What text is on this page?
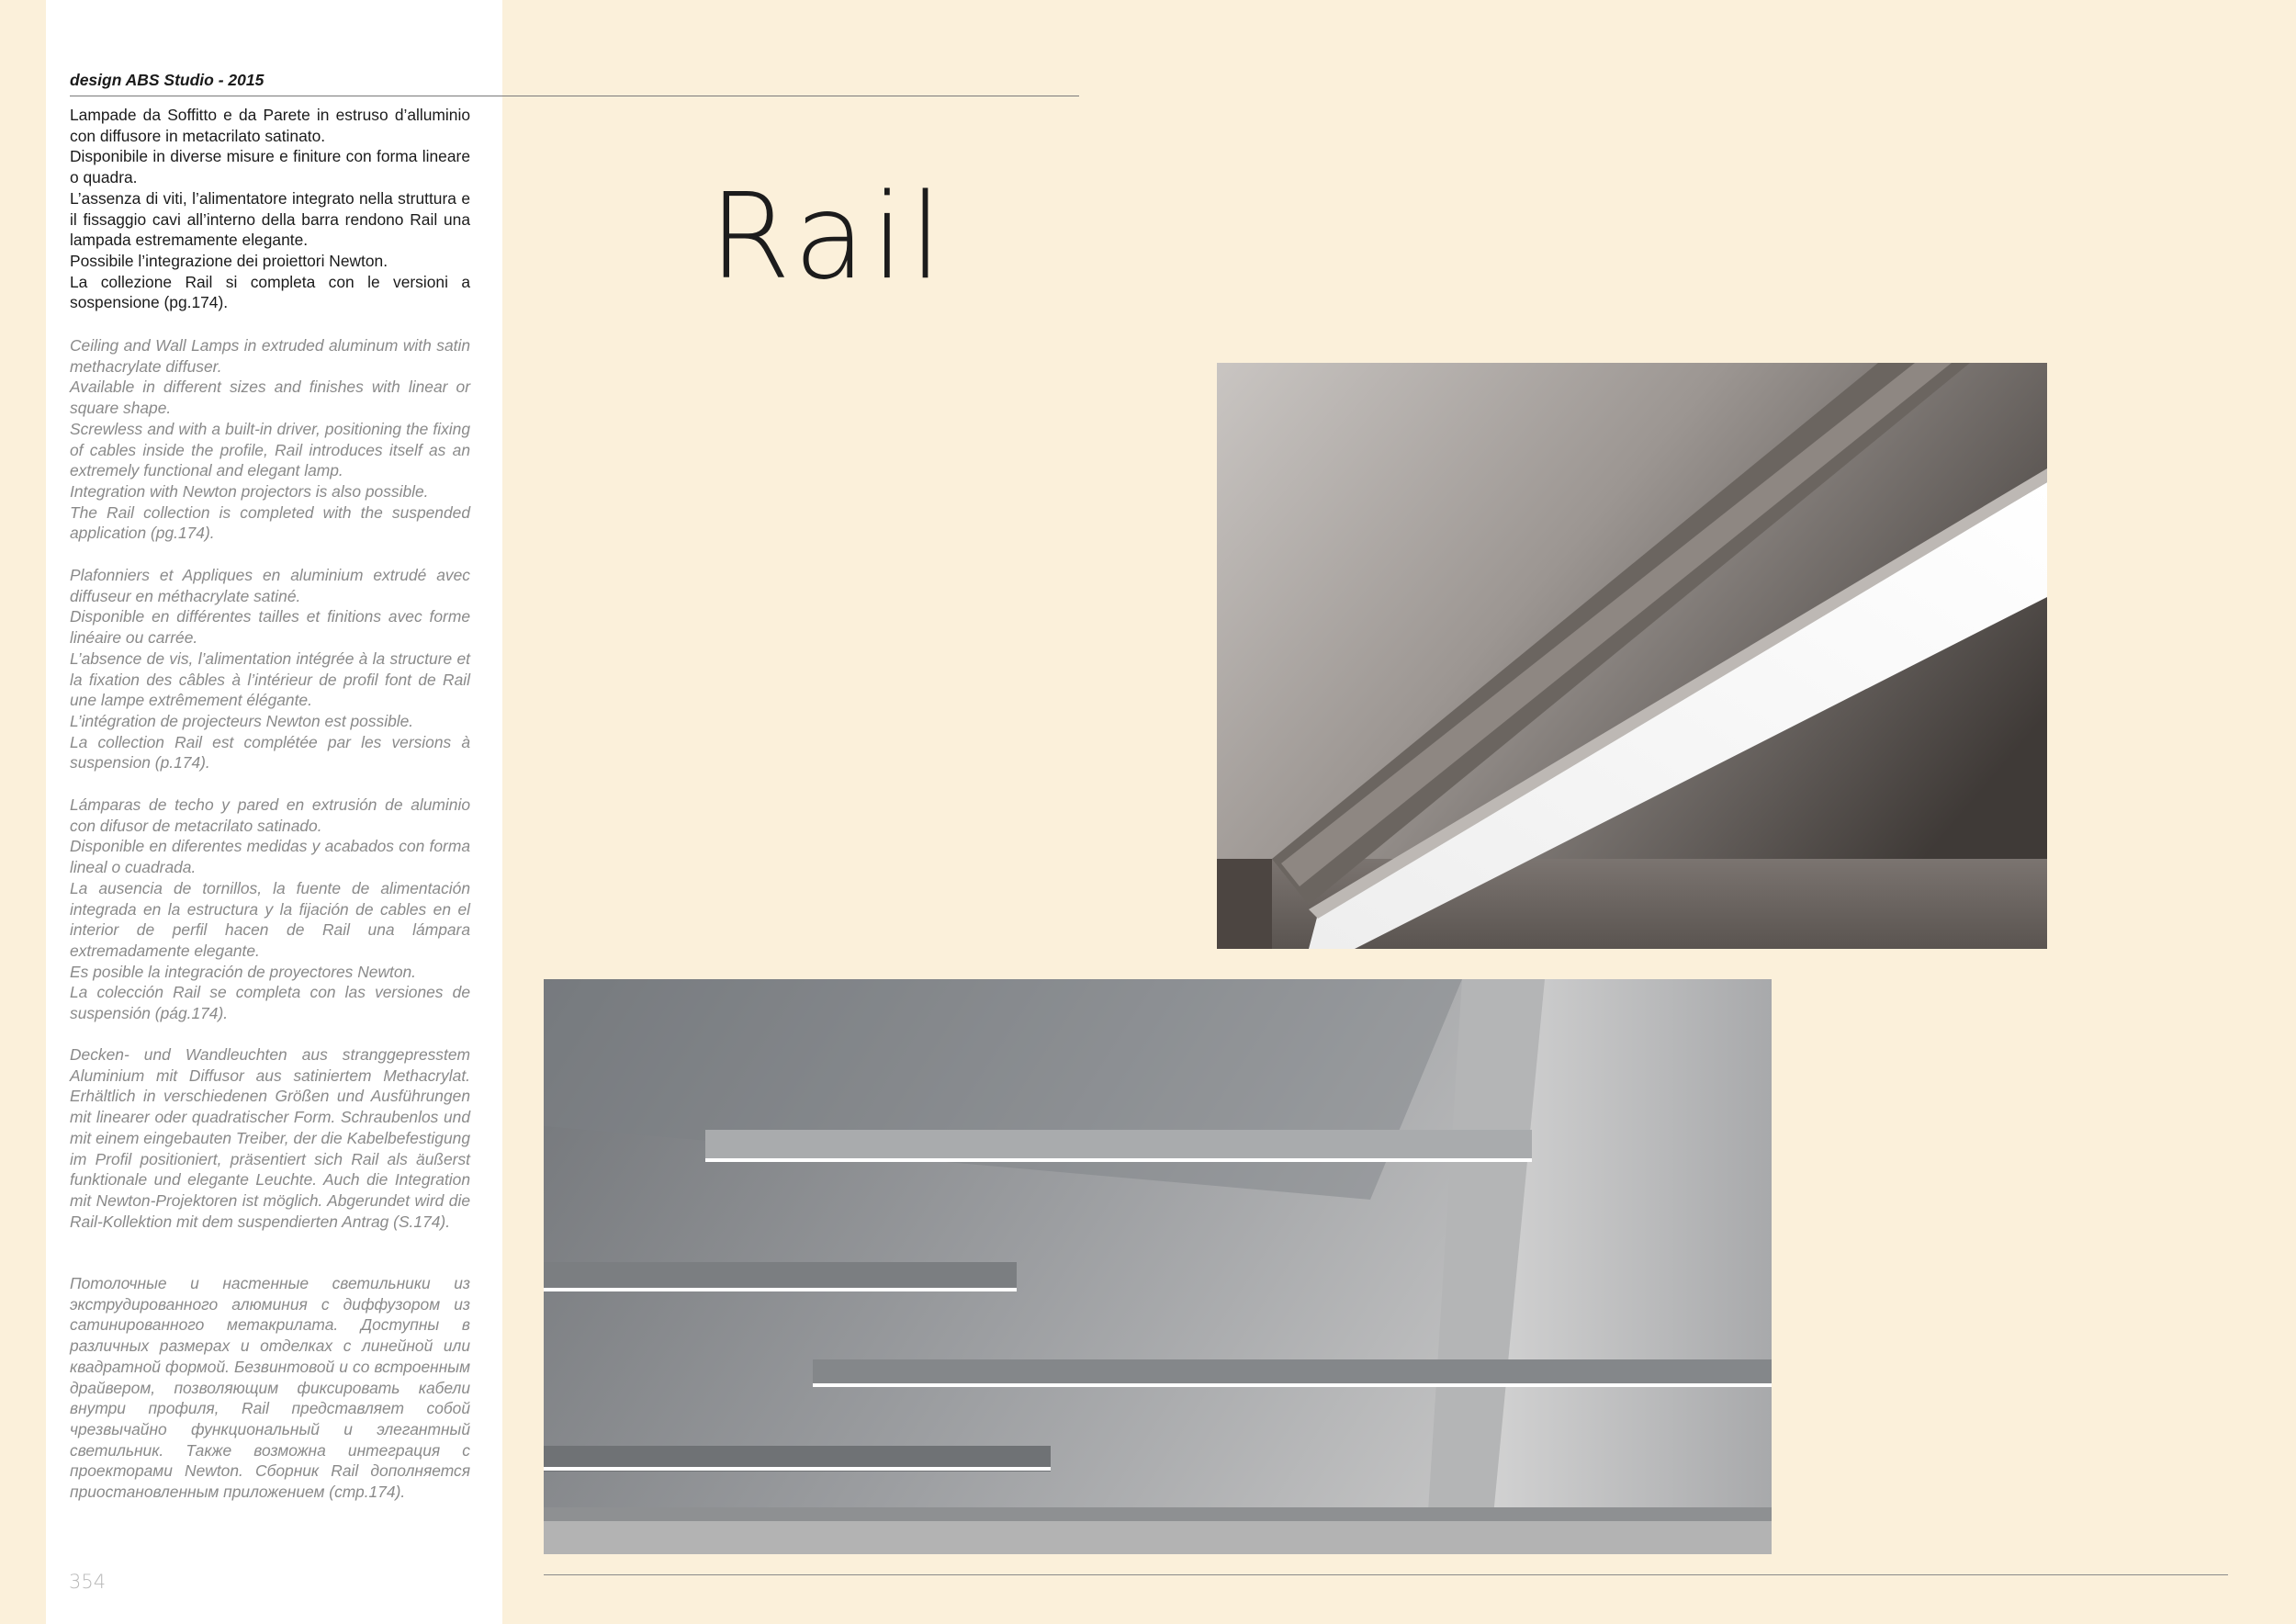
design ABS Studio - 2015

Lampade da Soffitto e da Parete in estruso d’alluminio con diffusore in metacrilato satinato.
Disponibile in diverse misure e finiture con forma lineare o quadra.
L’assenza di viti, l’alimentatore integrato nella struttura e il fissaggio cavi all’interno della barra rendono Rail una lampada estremamente elegante.
Possibile l’integrazione dei proiettori Newton.
La collezione Rail si completa con le versioni a sospensione (pg.174).

Ceiling and Wall Lamps in extruded aluminum with satin methacrylate diffuser.
Available in different sizes and finishes with linear or square shape.
Screwless and with a built-in driver, positioning the fixing of cables inside the profile, Rail introduces itself as an extremely functional and elegant lamp.
Integration with Newton projectors is also possible.
The Rail collection is completed with the suspended application (pg.174).

Plafonniers et Appliques en aluminium extrudé avec diffuseur en méthacrylate satiné.
Disponible en différentes tailles et finitions avec forme linéaire ou carrée.
L’absence de vis, l’alimentation intégrée à la structure et la fixation des câbles à l’intérieur de profil font de Rail une lampe extrêmement élégante.
L’intégration de projecteurs Newton est possible.
La collection Rail est complétée par les versions à suspension (p.174).

Lámparas de techo y pared en extrusión de aluminio con difusor de metacrilato satinado.
Disponible en diferentes medidas y acabados con forma lineal o cuadrada.
La ausencia de tornillos, la fuente de alimentación integrada en la estructura y la fijación de cables en el interior de perfil hacen de Rail una lámpara extremadamente elegante.
Es posible la integración de proyectores Newton.
La colección Rail se completa con las versiones de suspensión (pág.174).

Decken- und Wandleuchten aus stranggepresstem Aluminium mit Diffusor aus satiniertem Methacrylat. Erhältlich in verschiedenen Größen und Ausführungen mit linearer oder quadratischer Form. Schraubenlos und mit einem eingebauten Treiber, der die Kabelbefestigung im Profil positioniert, präsentiert sich Rail als äußerst funktionale und elegante Leuchte. Auch die Integration mit Newton-Projektoren ist möglich. Abgerundet wird die Rail-Kollektion mit dem suspendierten Antrag (S.174).

Потолочные и настенные светильники из экструдированного алюминия с диффузором из сатинированного метакрилата. Доступны в различных размерах и отделках с линейной или квадратной формой. Безвинтовой и со встроенным драйвером, позволяющим фиксировать кабели внутри профиля, Rail представляет собой чрезвычайно функциональный и элегантный светильник. Также возможна интеграция с проекторами Newton. Сборник Rail дополняется приостановленным приложением (стр.174).

Rail
354
